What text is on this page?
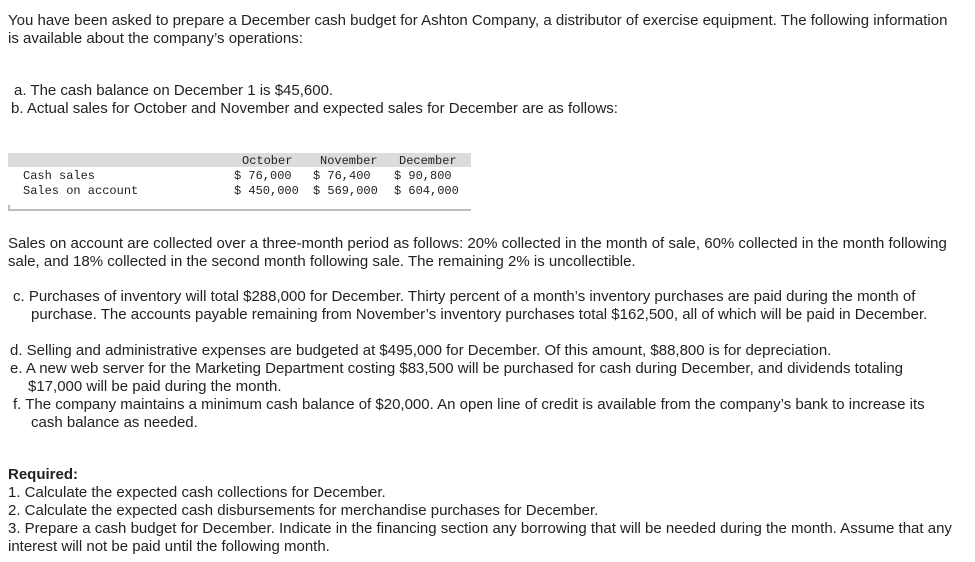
You have been asked to prepare a December cash budget for Ashton Company, a distributor of exercise equipment. The following information is available about the company’s operations:

a. The cash balance on December 1 is $45,600.

b. Actual sales for October and November and expected sales for December are as follows:

October November December
Cash sales	$ 76,000 $ 76,400 $ 90,800
Sales on account	$ 450,000 $ 569,000 $ 604,000

Sales on account are collected over a three-month period as follows: 20% collected in the month of sale, 60% collected in the month following sale, and 18% collected in the second month following sale. The remaining 2% is uncollectible.

c. Purchases of inventory will total $288,000 for December. Thirty percent of a month’s inventory purchases are paid during the month of purchase. The accounts payable remaining from November’s inventory purchases total $162,500, all of which will be paid in December.

d. Selling and administrative expenses are budgeted at $495,000 for December. Of this amount, $88,800 is for depreciation.

e. A new web server for the Marketing Department costing $83,500 will be purchased for cash during December, and dividends totaling $17,000 will be paid during the month.

f. The company maintains a minimum cash balance of $20,000. An open line of credit is available from the company’s bank to increase its cash balance as needed.

Required:

1. Calculate the expected cash collections for December.

2. Calculate the expected cash disbursements for merchandise purchases for December.

3. Prepare a cash budget for December. Indicate in the financing section any borrowing that will be needed during the month. Assume that any interest will not be paid until the following month.
